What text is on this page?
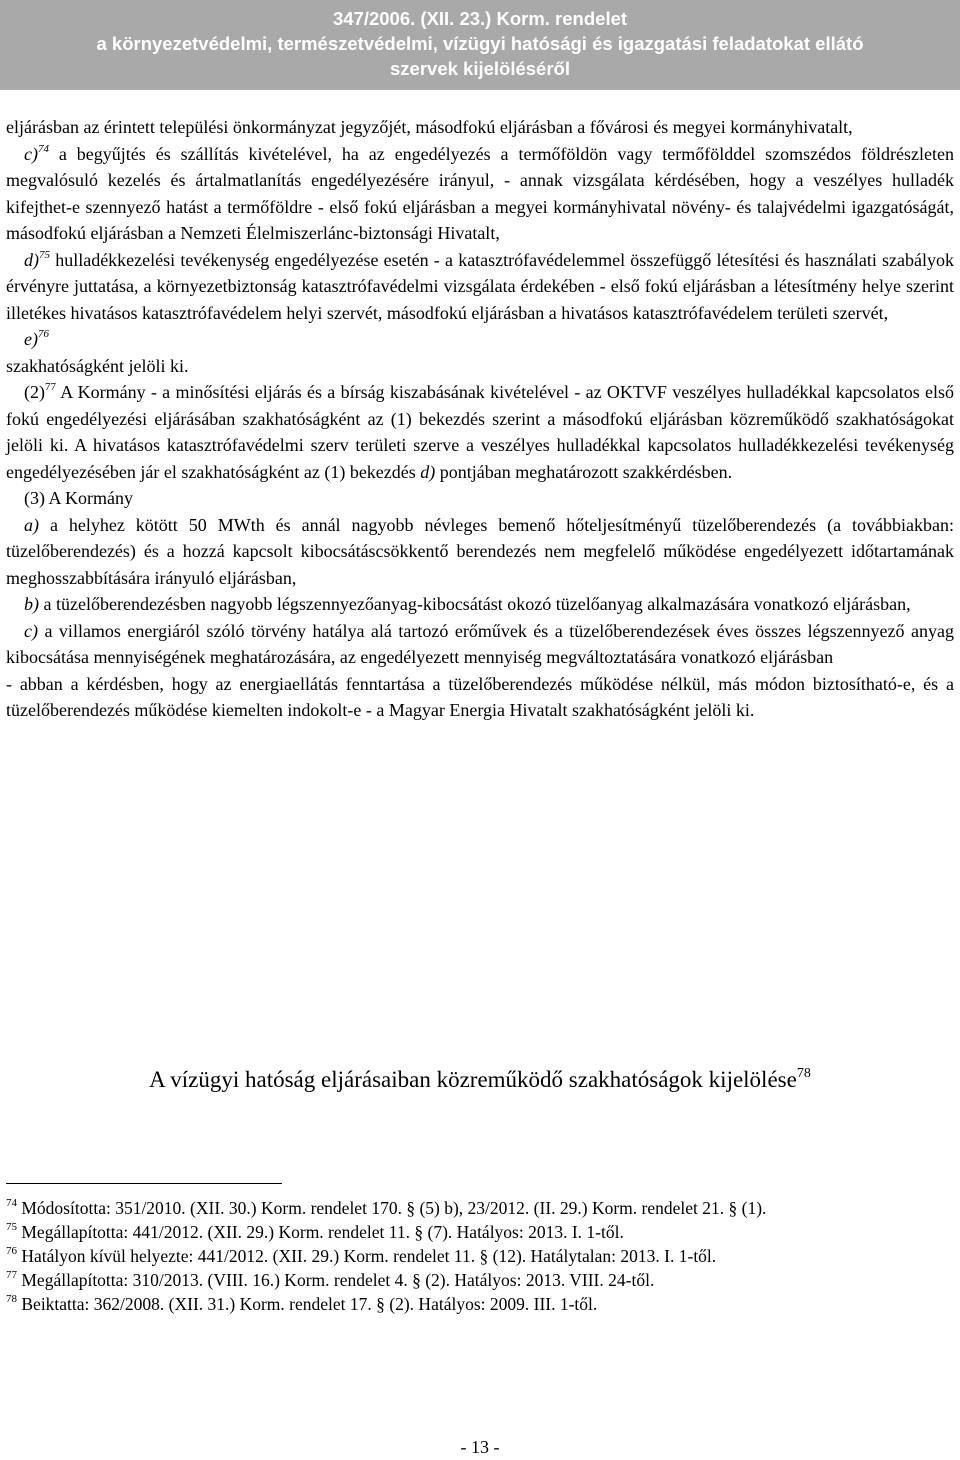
347/2006. (XII. 23.) Korm. rendelet
a környezetvédelmi, természetvédelmi, vízügyi hatósági és igazgatási feladatokat ellátó
szervek kijelöléséről

eljárásban az érintett települési önkormányzat jegyzőjét, másodfokú eljárásban a fővárosi és megyei kormányhivatalt,

c)$^{74}$ a begyűjtés és szállítás kivételével, ha az engedélyezés a termőföldön vagy termőfölddel szomszédos földrészleten megvalósuló kezelés és ártalmatlanítás engedélyezésére irányul, - annak vizsgálata kérdésében, hogy a veszélyes hulladék kifejthet-e szennyező hatást a termőföldre - első fokú eljárásban a megyei kormányhivatal növény- és talajvédelmi igazgatóságát, másodfokú eljárásban a Nemzeti Élelmiszerlánc-biztonsági Hivatalt,

d)$^{75}$ hulladékkezelési tevékenység engedélyezése esetén - a katasztrófavédelemmel összefüggő létesítési és használati szabályok érvényre juttatása, a környezetbiztonság katasztrófavédelmi vizsgálata érdekében - első fokú eljárásban a létesítmény helye szerint illetékes hivatásos katasztrófavédelem helyi szervét, másodfokú eljárásban a hivatásos katasztrófavédelem területi szervét,

e)$^{76}$

szakhatóságként jelöli ki.

$(2)^{77}$ A Kormány - a minősítési eljárás és a bírság kiszabásának kivételével - az OKTVF veszélyes hulladékkal kapcsolatos első fokú engedélyezési eljárásában szakhatóságként az (1) bekezdés szerint a másodfokú eljárásban közreműködő szakhatóságokat jelöli ki. A hivatásos katasztrófavédelmi szerv területi szerve a veszélyes hulladékkal kapcsolatos hulladékkezelési tevékenység engedélyezésében jár el szakhatóságként az (1) bekezdés d) pontjában meghatározott szakkérdésben.

(3) A Kormány

a) a helyhez kötött 50 MWth és annál nagyobb névleges bemenő hőteljesítményű tüzelőberendezés (a továbbiakban: tüzelőberendezés) és a hozzá kapcsolt kibocsátáscsökkentő berendezés nem megfelelő működése engedélyezett időtartamának meghosszabbítására irányuló eljárásban,

b) a tüzelőberendezésben nagyobb légszennyezőanyag-kibocsátást okozó tüzelőanyag alkalmazására vonatkozó eljárásban,

c) a villamos energiáról szóló törvény hatálya alá tartozó erőművek és a tüzelőberendezések éves összes légszennyező anyag kibocsátása mennyiségének meghatározására, az engedélyezett mennyiség megváltoztatására vonatkozó eljárásban

- abban a kérdésben, hogy az energiaellátás fenntartása a tüzelőberendezés működése nélkül, más módon biztosítható-e, és a tüzelőberendezés működése kiemelten indokolt-e - a Magyar Energia Hivatalt szakhatóságként jelöli ki.

A vízügyi hatóság eljárásaiban közreműködő szakhatóságok kijelölése$^{78}$

$^{74}$ Módosította: 351/2010. (XII. 30.) Korm. rendelet 170. § (5) b), 23/2012. (II. 29.) Korm. rendelet 21. § (1).

$^{75}$ Megállapította: 441/2012. (XII. 29.) Korm. rendelet 11. § (7). Hatályos: 2013. I. 1-től.

$^{76}$ Hatályon kívül helyezte: 441/2012. (XII. 29.) Korm. rendelet 11. § (12). Hatálytalan: 2013. I. 1-től.

$^{77}$ Megállapította: 310/2013. (VIII. 16.) Korm. rendelet 4. § (2). Hatályos: 2013. VIII. 24-től.

$^{78}$ Beiktatta: 362/2008. (XII. 31.) Korm. rendelet 17. § (2). Hatályos: 2009. III. 1-től.

- 13 -
